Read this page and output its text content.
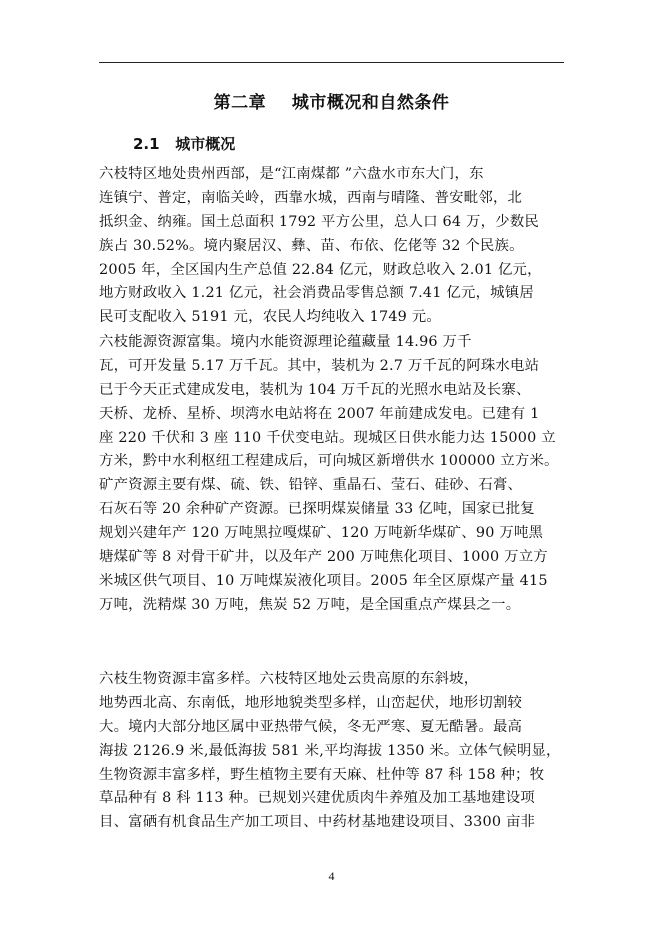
第二章    城市概况和自然条件
2.1   城市概况
六枝特区地处贵州西部，是“江南煤都 ”六盘水市东大门，东
连镇宁、普定，南临关岭，西靠水城，西南与晴隆、普安毗邻，北
抵织金、纳雍。国土总面积 1792 平方公里，总人口 64 万，少数民
族占 30.52%。境内聚居汉、彝、苗、布依、仡佬等 32 个民族。
2005 年，全区国内生产总值 22.84 亿元，财政总收入 2.01 亿元，
地方财政收入 1.21 亿元，社会消费品零售总额 7.41 亿元，城镇居
民可支配收入 5191 元，农民人均纯收入 1749 元。
六枝能源资源富集。境内水能资源理论蕴藏量 14.96 万千
瓦，可开发量 5.17 万千瓦。其中，装机为 2.7 万千瓦的阿珠水电站
已于今天正式建成发电，装机为 104 万千瓦的光照水电站及长寨、
天桥、龙桥、星桥、坝湾水电站将在 2007 年前建成发电。已建有 1
座 220 千伏和 3 座 110 千伏变电站。现城区日供水能力达 15000 立
方米，黔中水利枢纽工程建成后，可向城区新增供水 100000 立方米。
矿产资源主要有煤、硫、铁、铅锌、重晶石、莹石、硅砂、石膏、
石灰石等 20 余种矿产资源。已探明煤炭储量 33 亿吨，国家已批复
规划兴建年产 120 万吨黑拉嘎煤矿、120 万吨新华煤矿、90 万吨黑
塘煤矿等 8 对骨干矿井，以及年产 200 万吨焦化项目、1000 万立方
米城区供气项目、10 万吨煤炭液化项目。2005 年全区原煤产量 415
万吨，洗精煤 30 万吨，焦炭 52 万吨，是全国重点产煤县之一。
六枝生物资源丰富多样。六枝特区地处云贵高原的东斜坡，
地势西北高、东南低，地形地貌类型多样，山峦起伏，地形切割较
大。境内大部分地区属中亚热带气候，冬无严寒、夏无酷暑。最高
海拔 2126.9 米,最低海拔 581 米,平均海拔 1350 米。立体气候明显，
生物资源丰富多样，野生植物主要有天麻、杜仲等 87 科 158 种；牧
草品种有 8 科 113 种。已规划兴建优质肉牛养殖及加工基地建设项
目、富硒有机食品生产加工项目、中药材基地建设项目、3300 亩非
4
